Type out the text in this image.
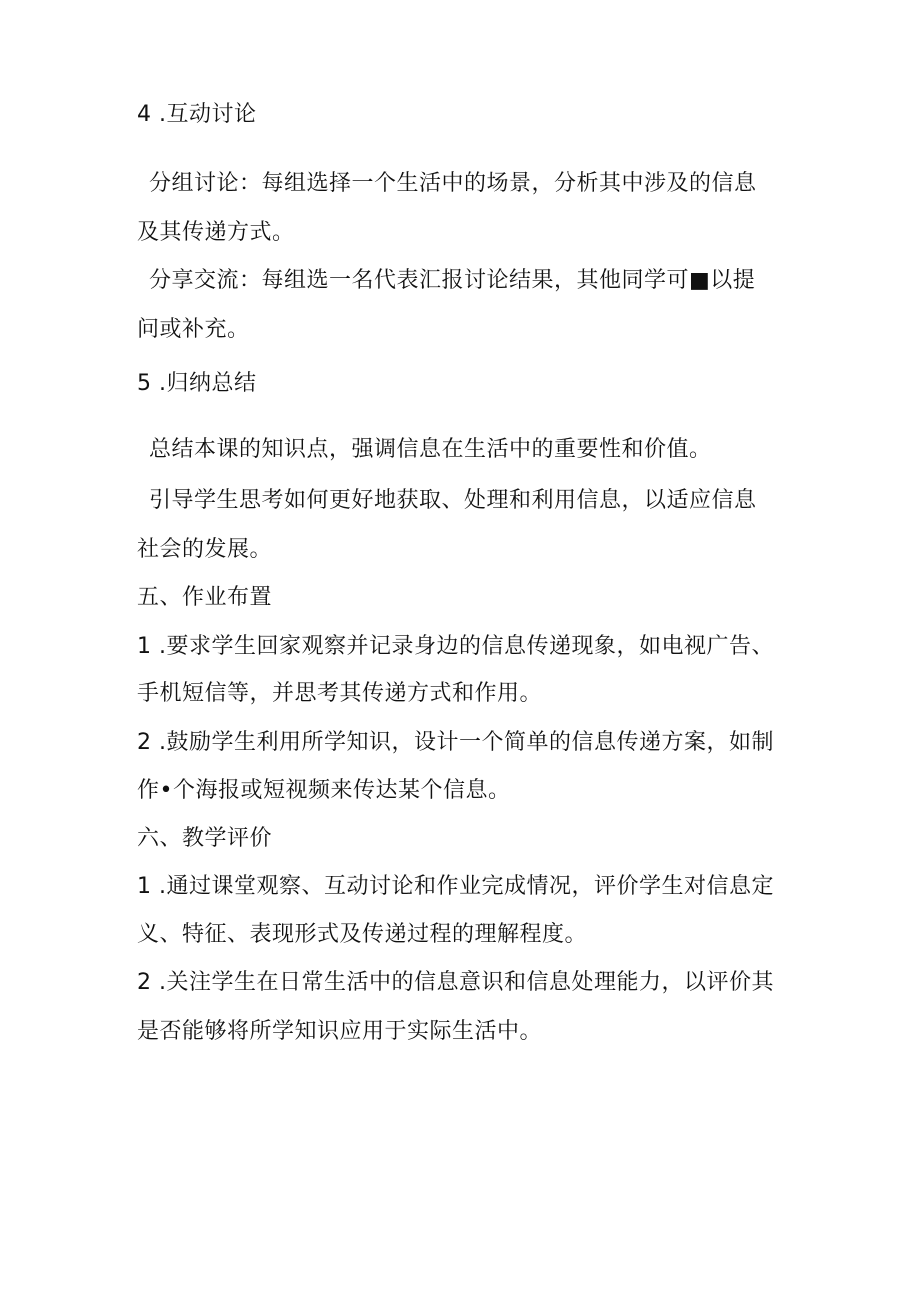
4 .互动讨论
分组讨论：每组选择一个生活中的场景，分析其中涉及的信息
及其传递方式。
分享交流：每组选一名代表汇报讨论结果，其他同学可■以提
问或补充。
5 .归纳总结
总结本课的知识点，强调信息在生活中的重要性和价值。
引导学生思考如何更好地获取、处理和利用信息，以适应信息
社会的发展。
五、作业布置
1 .要求学生回家观察并记录身边的信息传递现象，如电视广告、
手机短信等，并思考其传递方式和作用。
2 .鼓励学生利用所学知识，设计一个简单的信息传递方案，如制
作•个海报或短视频来传达某个信息。
六、教学评价
1 .通过课堂观察、互动讨论和作业完成情况，评价学生对信息定
义、特征、表现形式及传递过程的理解程度。
2 .关注学生在日常生活中的信息意识和信息处理能力，以评价其
是否能够将所学知识应用于实际生活中。
